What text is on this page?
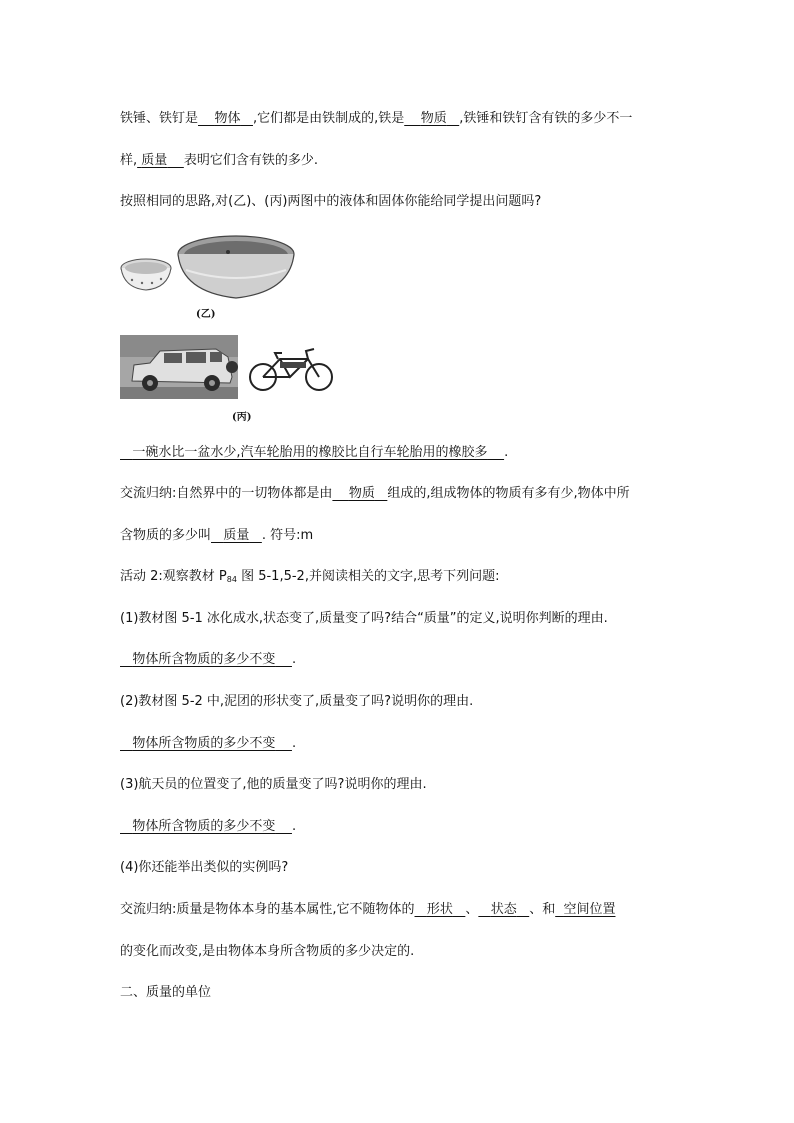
铁锤、铁钉是 物体 ,它们都是由铁制成的,铁是 物质 ,铁锤和铁钉含有铁的多少不一
样, 质量 表明它们含有铁的多少.
按照相同的思路,对(乙)、(丙)两图中的液体和固体你能给同学提出问题吗?
(乙)
(丙)
一碗水比一盆水少,汽车轮胎用的橡胶比自行车轮胎用的橡胶多 .
交流归纳:自然界中的一切物体都是由 物质 组成的,组成物体的物质有多有少,物体中所
含物质的多少叫 质量 . 符号:m
活动 2:观察教材 $P_{84}$ 图 5-1,5-2,并阅读相关的文字,思考下列问题:
(1)教材图 5-1 冰化成水,状态变了,质量变了吗?结合“质量”的定义,说明你判断的理由.
物体所含物质的多少不变 .
(2)教材图 5-2 中,泥团的形状变了,质量变了吗?说明你的理由.
物体所含物质的多少不变 .
(3)航天员的位置变了,他的质量变了吗?说明你的理由.
物体所含物质的多少不变 .
(4)你还能举出类似的实例吗?
交流归纳:质量是物体本身的基本属性,它不随物体的 形状 、 状态 、和 空间位置
的变化而改变,是由物体本身所含物质的多少决定的.
二、质量的单位
